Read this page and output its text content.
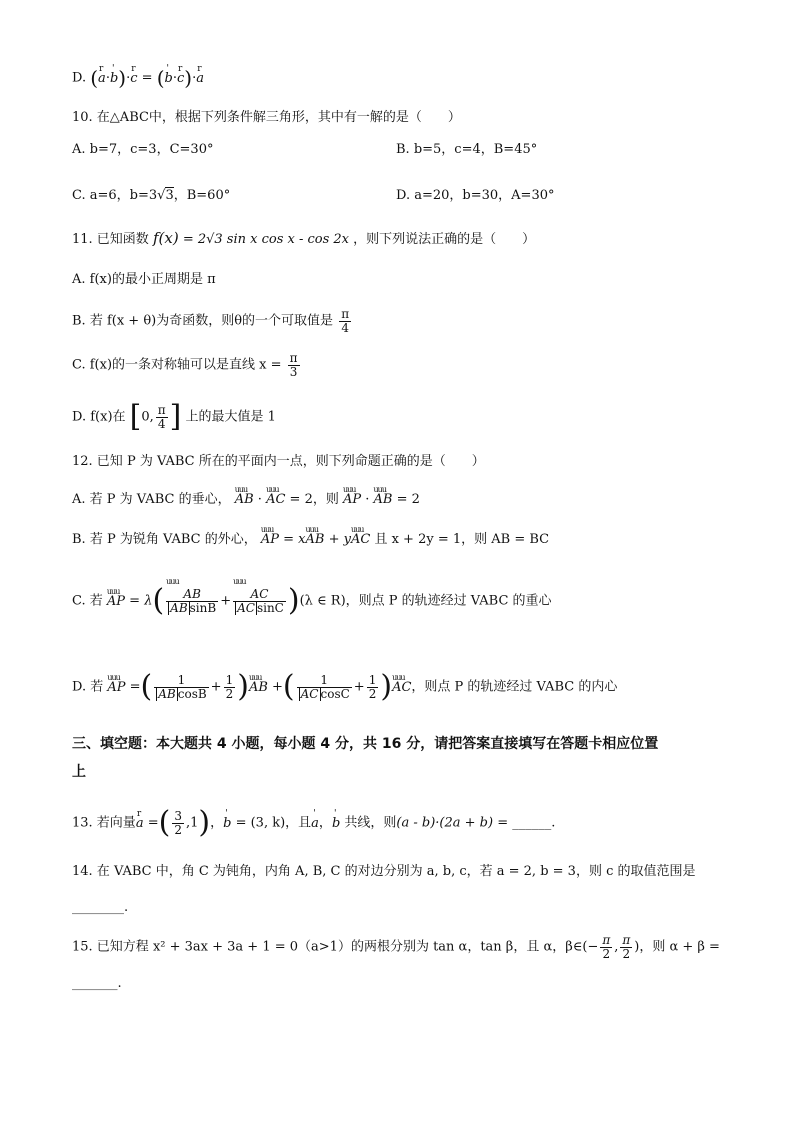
D. (r a·' b)·r c = (' b·r c)·r a
10. 在△ABC中，根据下列条件解三角形，其中有一解的是（　　）
A. b=7，c=3，C=30°	B. b=5，c=4，B=45°
C. a=6，b=3√3，B=60°	D. a=20，b=30，A=30°
11. 已知函数 f(x) = 2√3 sin x cos x - cos 2x ，则下列说法正确的是（　　）
A. f(x)的最小正周期是 π
B. 若 f(x + θ)为奇函数，则θ的一个可取值是 $\frac{\pi}{4}$
C. f(x)的一条对称轴可以是直线 $x = \frac{\pi}{3}$
D. f(x)在 [0, $\frac{\pi}{4}$ ] 上的最大值是 1
12. 已知 P 为 VABC 所在的平面内一点，则下列命题正确的是（　　）
A. 若 P 为 VABC 的垂心， uuu AB · uuu AC = 2，则 uuu AP · uuu AB = 2
B. 若 P 为锐角 VABC 的外心， uuu AP = xuuu AB + yuuu AC 且 x + 2y = 1，则 AB = BC
C. 若 uuu AP = λ( uuu $\frac{AB}{\text{AB sinB}}$ + uuu $\frac{AC}{\text{AC sinC}} )(\lambda$ ∈ R)，则点 P 的轨迹经过 VABC 的重心
D. 若 uuu AP =( $\frac{1}{\text{AB cosB}} + \frac{1}{2} )uuu$ AB +( $\frac{1}{\text{AC cosC}} + \frac{1}{2} )uuu$ AC，则点 P 的轨迹经过 VABC 的内心
三、填空题：本大题共 4 小题，每小题 4 分，共 16 分，请把答案直接填写在答题卡相应位置
上
13. 若向量r a =( $\frac{3}{2} ,1$)，' b = (3, k)，且' a，' b 共线，则(a - b)·(2a + b) = ______.
14. 在 VABC 中，角 C 为钝角，内角 A, B, C 的对边分别为 a, b, c，若 a = 2, b = 3，则 c 的取值范围是
________.
15. 已知方程 x² + 3ax + 3a + 1 = 0（a>1）的两根分别为 tan α，tan β，且 α，β∈(− $\frac{\pi}{2}$ , $\frac{\pi}{2}$ )，则 α + β =
_______.
